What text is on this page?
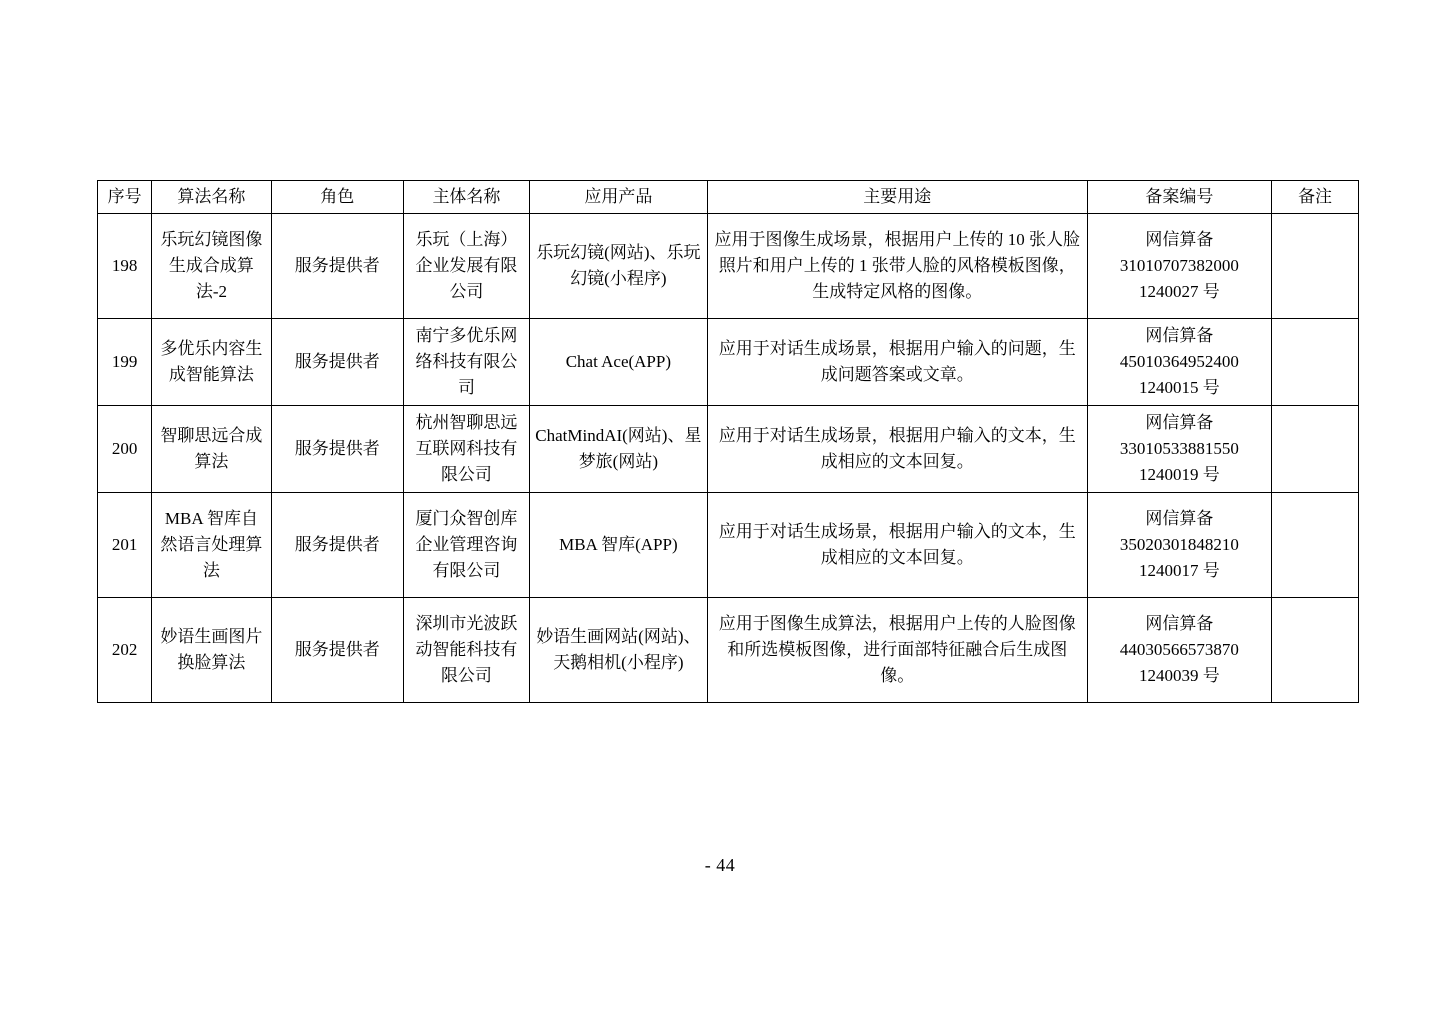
序号	算法名称	角色	主体名称	应用产品	主要用途	备案编号	备注
198	乐玩幻镜图像生成合成算法-2	服务提供者	乐玩（上海）企业发展有限公司	乐玩幻镜(网站)、乐玩幻镜(小程序)	应用于图像生成场景，根据用户上传的 10 张人脸照片和用户上传的 1 张带人脸的风格模板图像，生成特定风格的图像。	网信算备 31010707382000 1240027 号	
199	多优乐内容生成智能算法	服务提供者	南宁多优乐网络科技有限公司	Chat Ace(APP)	应用于对话生成场景，根据用户输入的问题，生成问题答案或文章。	网信算备 45010364952400 1240015 号	
200	智聊思远合成算法	服务提供者	杭州智聊思远互联网科技有限公司	ChatMindAI(网站)、星梦旅(网站)	应用于对话生成场景，根据用户输入的文本，生成相应的文本回复。	网信算备 33010533881550 1240019 号	
201	MBA 智库自然语言处理算法	服务提供者	厦门众智创库企业管理咨询有限公司	MBA 智库(APP)	应用于对话生成场景，根据用户输入的文本，生成相应的文本回复。	网信算备 35020301848210 1240017 号	
202	妙语生画图片换脸算法	服务提供者	深圳市光波跃动智能科技有限公司	妙语生画网站(网站)、天鹅相机(小程序)	应用于图像生成算法，根据用户上传的人脸图像和所选模板图像，进行面部特征融合后生成图像。	网信算备 44030566573870 1240039 号	
- 44
